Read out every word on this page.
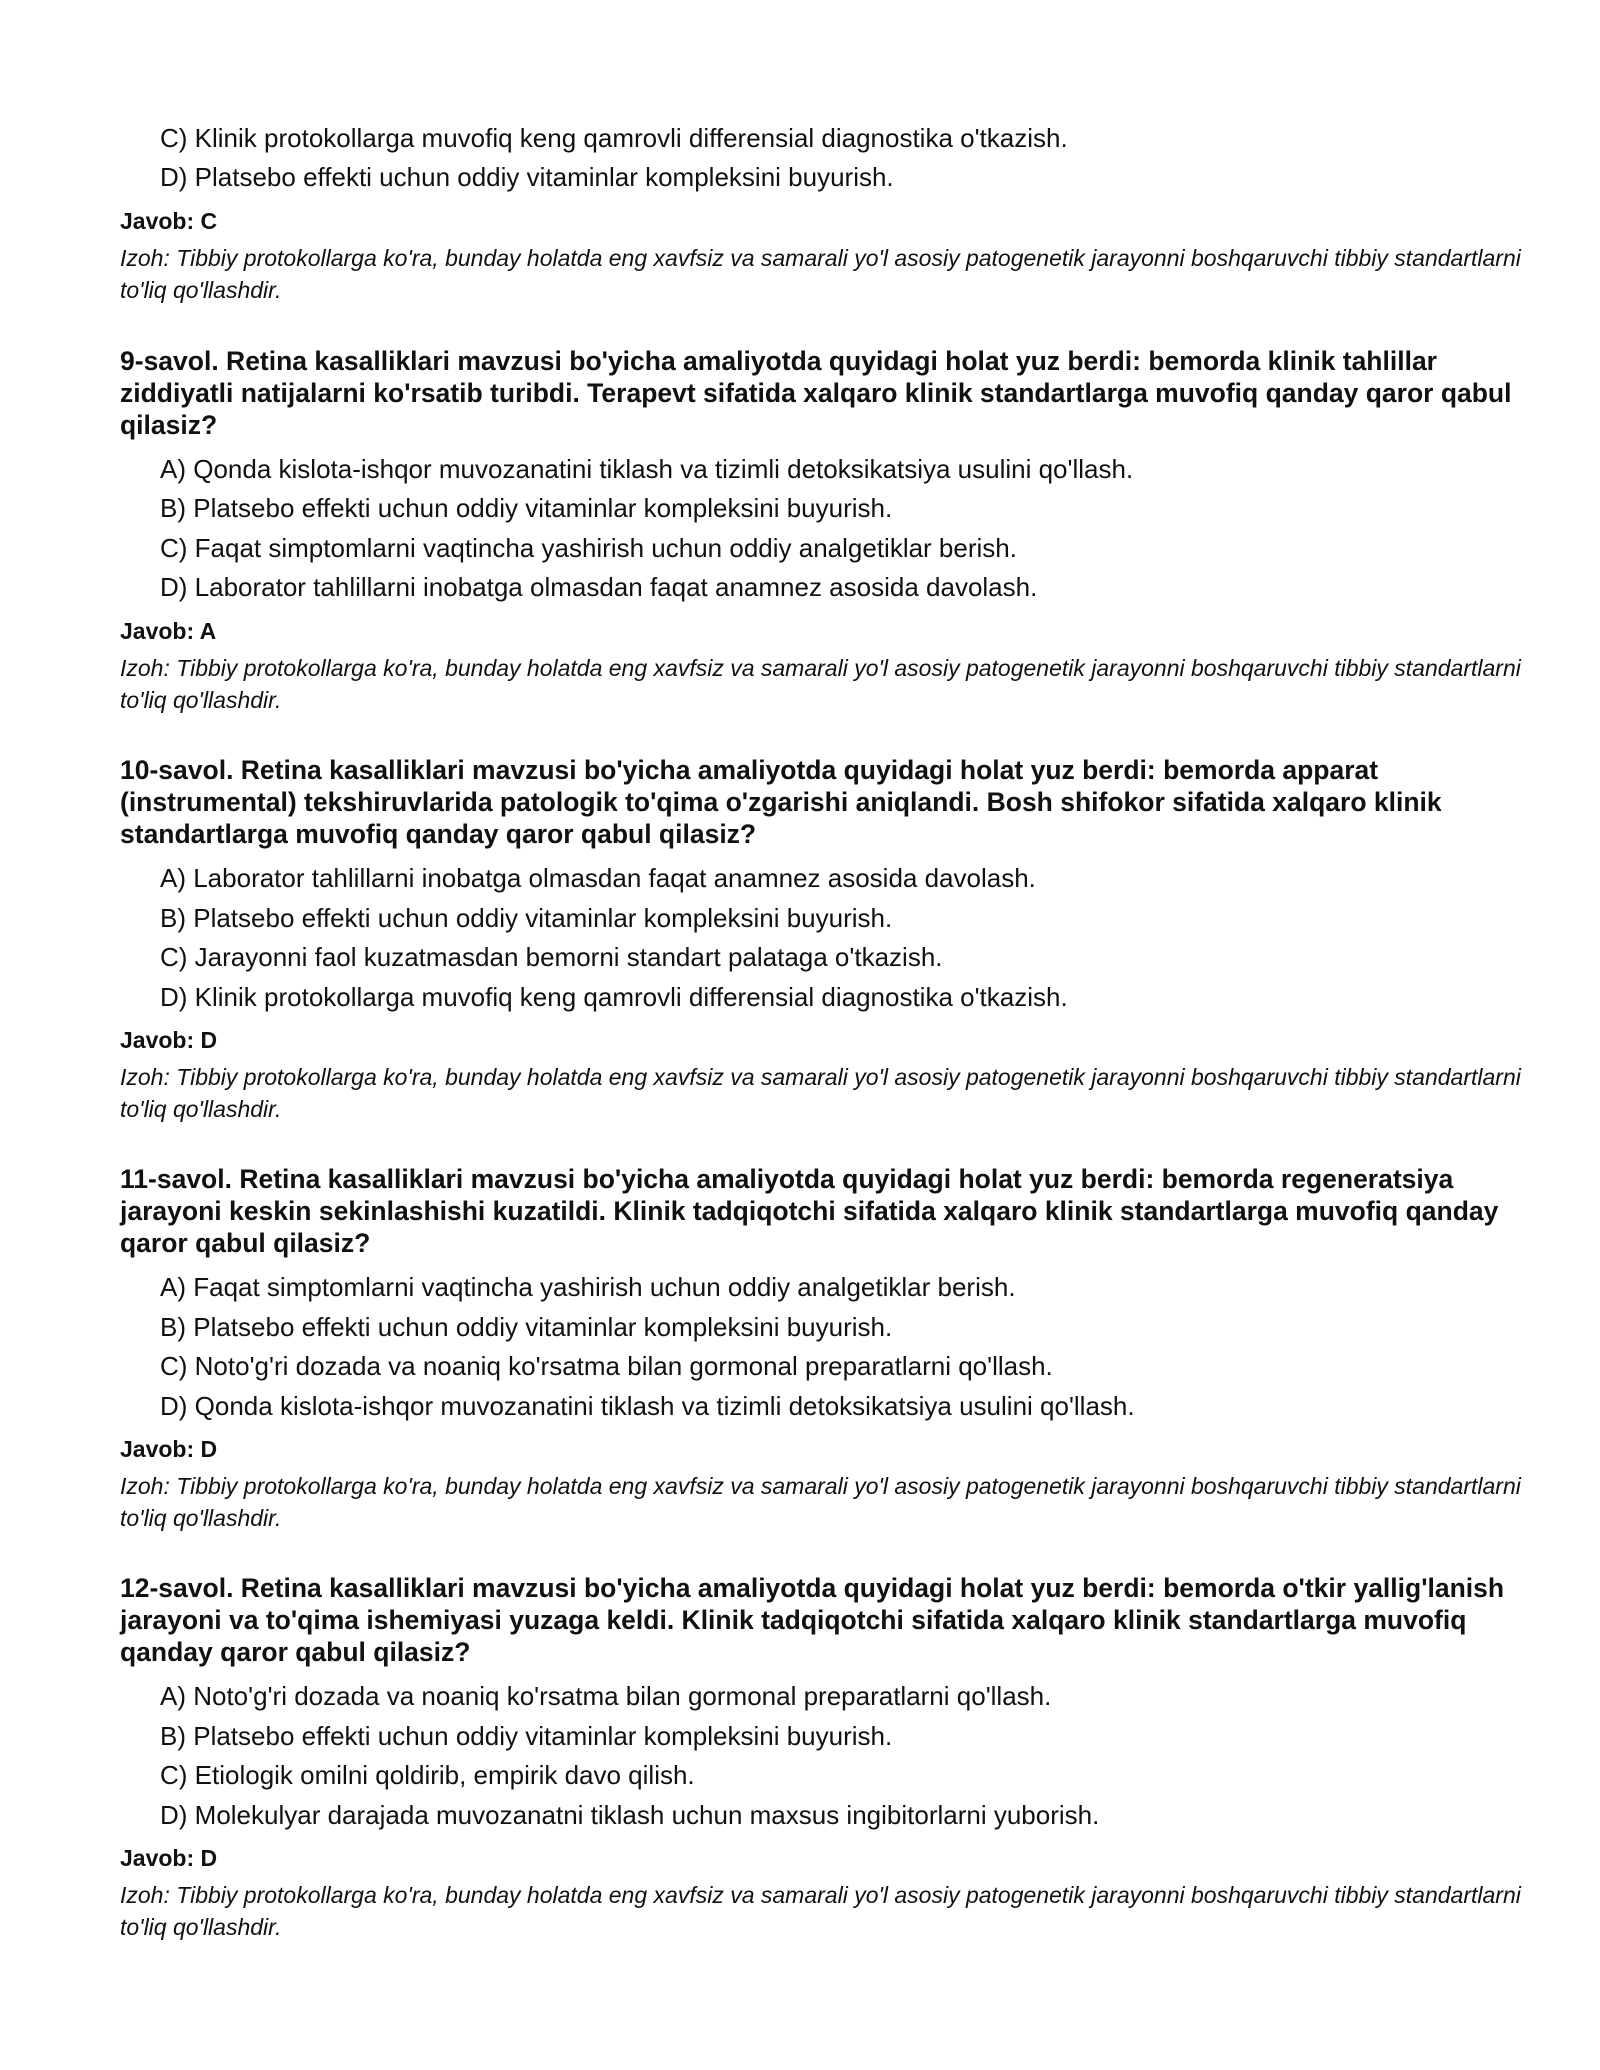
C) Klinik protokollarga muvofiq keng qamrovli differensial diagnostika o'tkazish.
D) Platsebo effekti uchun oddiy vitaminlar kompleksini buyurish.
Javob: C
Izoh: Tibbiy protokollarga ko'ra, bunday holatda eng xavfsiz va samarali yo'l asosiy patogenetik jarayonni boshqaruvchi tibbiy standartlarni to'liq qo'llashdir.
9-savol. Retina kasalliklari mavzusi bo'yicha amaliyotda quyidagi holat yuz berdi: bemorda klinik tahlillar ziddiyatli natijalarni ko'rsatib turibdi. Terapevt sifatida xalqaro klinik standartlarga muvofiq qanday qaror qabul qilasiz?
A) Qonda kislota-ishqor muvozanatini tiklash va tizimli detoksikatsiya usulini qo'llash.
B) Platsebo effekti uchun oddiy vitaminlar kompleksini buyurish.
C) Faqat simptomlarni vaqtincha yashirish uchun oddiy analgetiklar berish.
D) Laborator tahlillarni inobatga olmasdan faqat anamnez asosida davolash.
Javob: A
Izoh: Tibbiy protokollarga ko'ra, bunday holatda eng xavfsiz va samarali yo'l asosiy patogenetik jarayonni boshqaruvchi tibbiy standartlarni to'liq qo'llashdir.
10-savol. Retina kasalliklari mavzusi bo'yicha amaliyotda quyidagi holat yuz berdi: bemorda apparat (instrumental) tekshiruvlarida patologik to'qima o'zgarishi aniqlandi. Bosh shifokor sifatida xalqaro klinik standartlarga muvofiq qanday qaror qabul qilasiz?
A) Laborator tahlillarni inobatga olmasdan faqat anamnez asosida davolash.
B) Platsebo effekti uchun oddiy vitaminlar kompleksini buyurish.
C) Jarayonni faol kuzatmasdan bemorni standart palataga o'tkazish.
D) Klinik protokollarga muvofiq keng qamrovli differensial diagnostika o'tkazish.
Javob: D
Izoh: Tibbiy protokollarga ko'ra, bunday holatda eng xavfsiz va samarali yo'l asosiy patogenetik jarayonni boshqaruvchi tibbiy standartlarni to'liq qo'llashdir.
11-savol. Retina kasalliklari mavzusi bo'yicha amaliyotda quyidagi holat yuz berdi: bemorda regeneratsiya jarayoni keskin sekinlashishi kuzatildi. Klinik tadqiqotchi sifatida xalqaro klinik standartlarga muvofiq qanday qaror qabul qilasiz?
A) Faqat simptomlarni vaqtincha yashirish uchun oddiy analgetiklar berish.
B) Platsebo effekti uchun oddiy vitaminlar kompleksini buyurish.
C) Noto'g'ri dozada va noaniq ko'rsatma bilan gormonal preparatlarni qo'llash.
D) Qonda kislota-ishqor muvozanatini tiklash va tizimli detoksikatsiya usulini qo'llash.
Javob: D
Izoh: Tibbiy protokollarga ko'ra, bunday holatda eng xavfsiz va samarali yo'l asosiy patogenetik jarayonni boshqaruvchi tibbiy standartlarni to'liq qo'llashdir.
12-savol. Retina kasalliklari mavzusi bo'yicha amaliyotda quyidagi holat yuz berdi: bemorda o'tkir yallig'lanish jarayoni va to'qima ishemiyasi yuzaga keldi. Klinik tadqiqotchi sifatida xalqaro klinik standartlarga muvofiq qanday qaror qabul qilasiz?
A) Noto'g'ri dozada va noaniq ko'rsatma bilan gormonal preparatlarni qo'llash.
B) Platsebo effekti uchun oddiy vitaminlar kompleksini buyurish.
C) Etiologik omilni qoldirib, empirik davo qilish.
D) Molekulyar darajada muvozanatni tiklash uchun maxsus ingibitorlarni yuborish.
Javob: D
Izoh: Tibbiy protokollarga ko'ra, bunday holatda eng xavfsiz va samarali yo'l asosiy patogenetik jarayonni boshqaruvchi tibbiy standartlarni to'liq qo'llashdir.
